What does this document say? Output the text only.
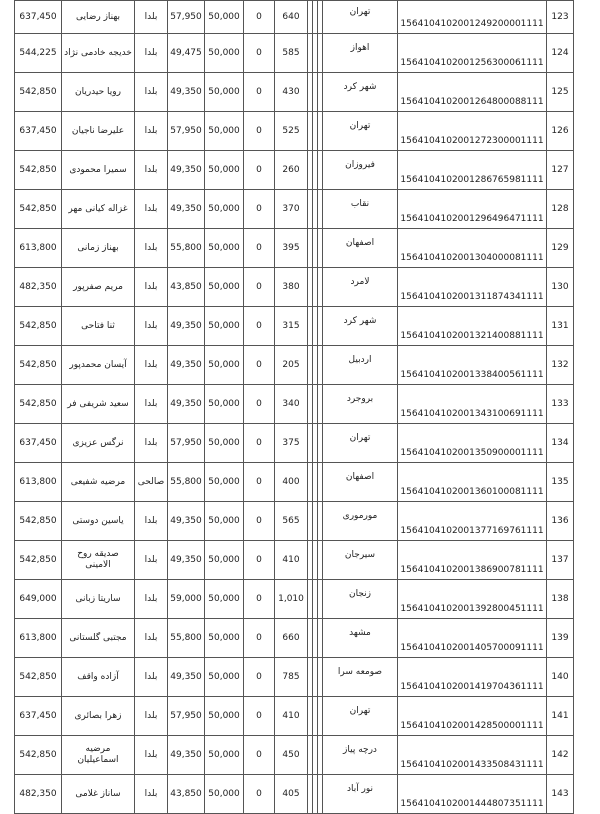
637,450	بهناز رضایی	بلدا	57,950	50,000	0	640				تهران	1564104102001249200001111	123
544,225	خدیجه خادمی نژاد	بلدا	49,475	50,000	0	585				اهواز	1564104102001256300061111	124
542,850	رویا حیدریان	بلدا	49,350	50,000	0	430				شهر کرد	1564104102001264800088111	125
637,450	علیرضا ناجیان	بلدا	57,950	50,000	0	525				تهران	1564104102001272300001111	126
542,850	سمیرا محمودی	بلدا	49,350	50,000	0	260				فیروزان	1564104102001286765981111	127
542,850	غزاله کیانی مهر	بلدا	49,350	50,000	0	370				نقاب	1564104102001296496471111	128
613,800	بهناز زمانی	بلدا	55,800	50,000	0	395				اصفهان	1564104102001304000081111	129
482,350	مریم صفرپور	بلدا	43,850	50,000	0	380				لامرد	1564104102001311874341111	130
542,850	ثنا فتاحی	بلدا	49,350	50,000	0	315				شهر کرد	1564104102001321400881111	131
542,850	آیسان محمدپور	بلدا	49,350	50,000	0	205				اردبیل	1564104102001338400561111	132
542,850	سعید شریفی فر	بلدا	49,350	50,000	0	340				بروجرد	1564104102001343100691111	133
637,450	نرگس عزیزی	بلدا	57,950	50,000	0	375				تهران	1564104102001350900001111	134
613,800	مرضیه شفیعی	صالحی	55,800	50,000	0	400				اصفهان	1564104102001360100081111	135
542,850	یاسین دوستی	بلدا	49,350	50,000	0	565				مورموری	1564104102001377169761111	136
542,850	صدیقه روح الامینی	بلدا	49,350	50,000	0	410				سیرجان	1564104102001386900781111	137
649,000	ساریتا زبانی	بلدا	59,000	50,000	0	1,010				زنجان	1564104102001392800451111	138
613,800	مجتبی گلستانی	بلدا	55,800	50,000	0	660				مشهد	1564104102001405700091111	139
542,850	آزاده واقف	بلدا	49,350	50,000	0	785				صومعه سرا	1564104102001419704361111	140
637,450	زهرا بصائری	بلدا	57,950	50,000	0	410				تهران	1564104102001428500001111	141
542,850	مرضیه اسماعیلیان	بلدا	49,350	50,000	0	450				درچه پیاز	1564104102001433508431111	142
482,350	ساناز غلامی	بلدا	43,850	50,000	0	405				نور آباد	1564104102001444807351111	143
